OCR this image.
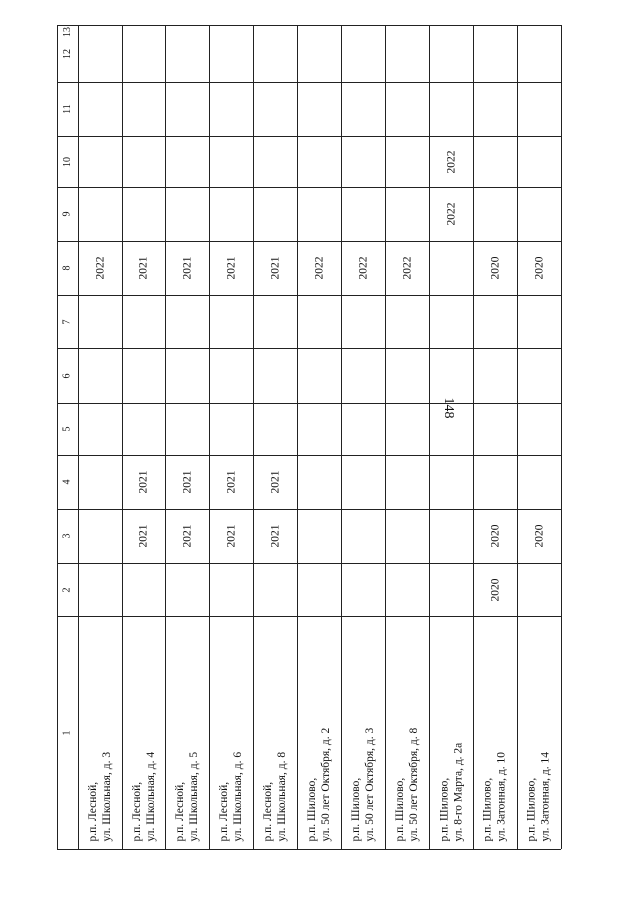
148
1
2
3
4
5
6
7
8
9
10
11
12
13
р.п. Лесной, ул. Школьная, д. 3
2022
р.п. Лесной, ул. Школьная, д. 4
2021
2021
2021
р.п. Лесной, ул. Школьная, д. 5
2021
2021
2021
р.п. Лесной, ул. Школьная, д. 6
2021
2021
2021
р.п. Лесной, ул. Школьная, д. 8
2021
2021
2021
р.п. Шилово, ул. 50 лет Октября, д. 2
2022
р.п. Шилово, ул. 50 лет Октября, д. 3
2022
р.п. Шилово, ул. 50 лет Октября, д. 8
2022
р.п. Шилово, ул. 8-го Марта, д. 2а
2022
2022
р.п. Шилово, ул. Затонная, д. 10
2020
2020
2020
р.п. Шилово, ул. Затонная, д. 14
2020
2020
